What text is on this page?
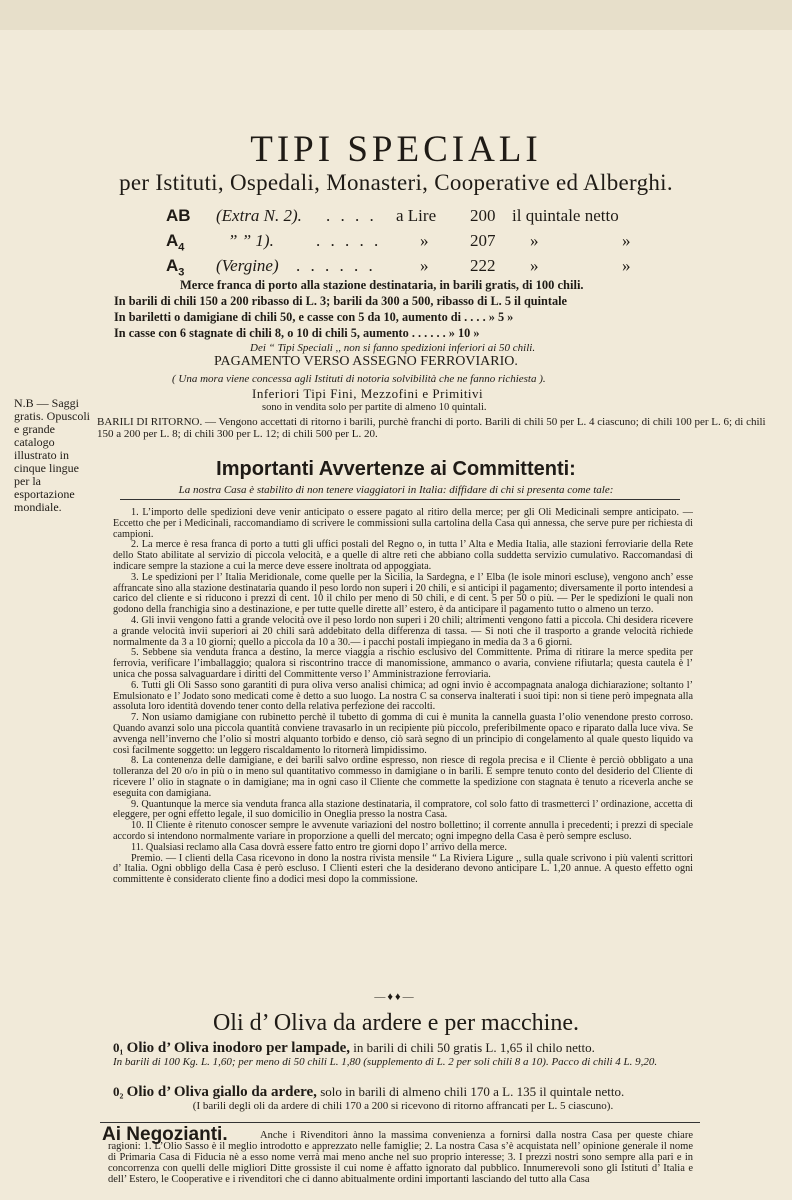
TIPI SPECIALI
per Istituti, Ospedali, Monasteri, Cooperative ed Alberghi.
AB (Extra N. 2). . . . . a Lire 200 il quintale netto
$A_4$	” ” 1). . . . . . » 207 »	»
$A_3$ (Vergine) . . . . . .	» 222 »	»
Merce franca di porto alla stazione destinataria, in barili gratis, di 100 chili.
In barili di chili 150 a 200 ribasso di L. 3; barili da 300 a 500, ribasso di L. 5 il quintale
In bariletti o damigiane di chili 50, e casse con 5 da 10, aumento di . . . . » 5 »
In casse con 6 stagnate di chili 8, o 10 di chili 5, aumento . . . . . . » 10 »
Dei “ Tipi Speciali ,, non si fanno spedizioni inferiori ai 50 chili.
PAGAMENTO VERSO ASSEGNO FERROVIARIO.
( Una mora viene concessa agli Istituti di notoria solvibilità che ne fanno richiesta ).
Inferiori Tipi Fini, Mezzofini e Primitivi
sono in vendita solo per partite di almeno 10 quintali.
N.B — Saggi gratis. Opuscoli e grande catalogo illustrato in cinque lingue per la esportazione mondiale.
BARILI DI RITORNO. — Vengono accettati di ritorno i barili, purchè franchi di porto. Barili di chili 50 per L. 4 ciascuno; di chili 100 per L. 6; di chili 150 a 200 per L. 8; di chili 300 per L. 12; di chili 500 per L. 20.
Importanti Avvertenze ai Committenti:
La nostra Casa è stabilito di non tenere viaggiatori in Italia: diffidare di chi si presenta come tale:

1. L’importo delle spedizioni deve venir anticipato o essere pagato al ritiro della merce; per gli Oli Medicinali sempre anticipato. — Eccetto che per i Medicinali, raccomandiamo di scrivere le commissioni sulla cartolina della Casa qui annessa, che serve pure per richiesta di campioni.

2. La merce è resa franca di porto a tutti gli uffici postali del Regno o, in tutta l’ Alta e Media Italia, alle stazioni ferroviarie della Rete dello Stato abilitate al servizio di piccola velocità, e a quelle di altre reti che abbiano colla suddetta servizio cumulativo. Raccomandasi di indicare sempre la stazione a cui la merce deve essere inoltrata od appoggiata.

3. Le spedizioni per l’ Italia Meridionale, come quelle per la Sicilia, la Sardegna, e l’ Elba (le isole minori escluse), vengono anch’ esse affrancate sino alla stazione destinataria quando il peso lordo non superi i 20 chili, e si anticipi il pagamento; diversamente il porto intendesi a carico del cliente e si riducono i prezzi di cent. 10 il chilo per meno di 50 chili, e di cent. 5 per 50 o più. — Per le spedizioni le quali non godono della franchigia sino a destinazione, e per tutte quelle dirette all’ estero, è da anticipare il pagamento tutto o almeno un terzo.

4. Gli invii vengono fatti a grande velocità ove il peso lordo non superi i 20 chili; altrimenti vengono fatti a piccola. Chi desidera ricevere a grande velocità invii superiori ai 20 chili sarà addebitato della differenza di tassa. — Si noti che il trasporto a grande velocità richiede normalmente da 3 a 10 giorni; quello a piccola da 10 a 30.— i pacchi postali impiegano in media da 3 a 6 giorni.

5. Sebbene sia venduta franca a destino, la merce viaggia a rischio esclusivo del Committente. Prima di ritirare la merce spedita per ferrovia, verificare l’imballaggio; qualora si riscontrino tracce di manomissione, ammanco o avaria, conviene rifiutarla; questa cautela è l’ unica che possa salvaguardare i diritti del Committente verso l’ Amministrazione ferroviaria.

6. Tutti gli Oli Sasso sono garantiti di pura oliva verso analisi chimica; ad ogni invio è accompagnata analoga dichiarazione; soltanto l’ Emulsionato e l’ Jodato sono medicati come è detto a suo luogo. La nostra C sa conserva inalterati i suoi tipi: non si tiene però impegnata alla assoluta loro identità dovendo tener conto della relativa perfezione dei raccolti.

7. Non usiamo damigiane con rubinetto perchè il tubetto di gomma di cui è munita la cannella guasta l’olio venendone presto corroso. Quando avanzi solo una piccola quantità conviene travasarlo in un recipiente più piccolo, preferibilmente opaco e riparato dalla luce viva. Se avvenga nell’inverno che l’olio si mostri alquanto torbido e denso, ciò sarà segno di un principio di congelamento al quale questo liquido va così facilmente soggetto: un leggero riscaldamento lo ritornerà limpidissimo.

8. La contenenza delle damigiane, e dei barili salvo ordine espresso, non riesce di regola precisa e il Cliente è perciò obbligato a una tolleranza del 20 o/o in più o in meno sul quantitativo commesso in damigiane o in barili. E sempre tenuto conto del desiderio del Cliente di ricevere l’ olio in stagnate o in damigiane; ma in ogni caso il Cliente che commette la spedizione con stagnata è tenuto a riceverla anche se eseguita con damigiana.

9. Quantunque la merce sia venduta franca alla stazione destinataria, il compratore, col solo fatto di trasmetterci l’ ordinazione, accetta di eleggere, per ogni effetto legale, il suo domicilio in Oneglia presso la nostra Casa.

10. Il Cliente è ritenuto conoscer sempre le avvenute variazioni del nostro bollettino; il corrente annulla i precedenti; i prezzi di speciale accordo si intendono normalmente variare in proporzione a quelli del mercato; ogni impegno della Casa è però sempre escluso.

11. Qualsiasi reclamo alla Casa dovrà essere fatto entro tre giorni dopo l’ arrivo della merce.

Premio. — I clienti della Casa ricevono in dono la nostra rivista mensile “ La Riviera Ligure ,, sulla quale scrivono i più valenti scrittori d’ Italia. Ogni obbligo della Casa è però escluso. I Clienti esteri che la desiderano devono anticipare L. 1,20 annue. A questo effetto ogni committente è considerato cliente fino a dodici mesi dopo la commissione.

—♦♦—
Oli d’ Oliva da ardere e per macchine.
0₁ Olio d’ Oliva inodoro per lampade, in barili di chili 50 gratis L. 1,65 il chilo netto.
In barili di 100 Kg. L. 1,60; per meno di 50 chili L. 1,80 (supplemento di L. 2 per soli chili 8 a 10). Pacco di chili 4 L. 9,20.
0₂ Olio d’ Oliva giallo da ardere, solo in barili di almeno chili 170 a L. 135 il quintale netto.
(I barili degli oli da ardere di chili 170 a 200 si ricevono di ritorno affrancati per L. 5 ciascuno).
Anche i Rivenditori ànno la massima convenienza a fornirsi dalla nostra Casa per queste chiare ragioni: 1. L’Olio Sasso è il meglio introdotto e apprezzato nelle famiglie; 2. La nostra Casa s’è acquistata nell’ opinione generale il nome di Primaria Casa di Fiducia nè a esso nome verrà mai meno anche nel suo proprio interesse; 3. I prezzi nostri sono sempre alla pari e in concorrenza con quelli delle migliori Ditte grossiste il cui nome è affatto ignorato dal pubblico. Innumerevoli sono gli Istituti d’ Italia e dell’ Estero, le Cooperative e i rivenditori che ci danno abitualmente ordini importanti lasciando del tutto alla Casa
Ai Negozianti.
